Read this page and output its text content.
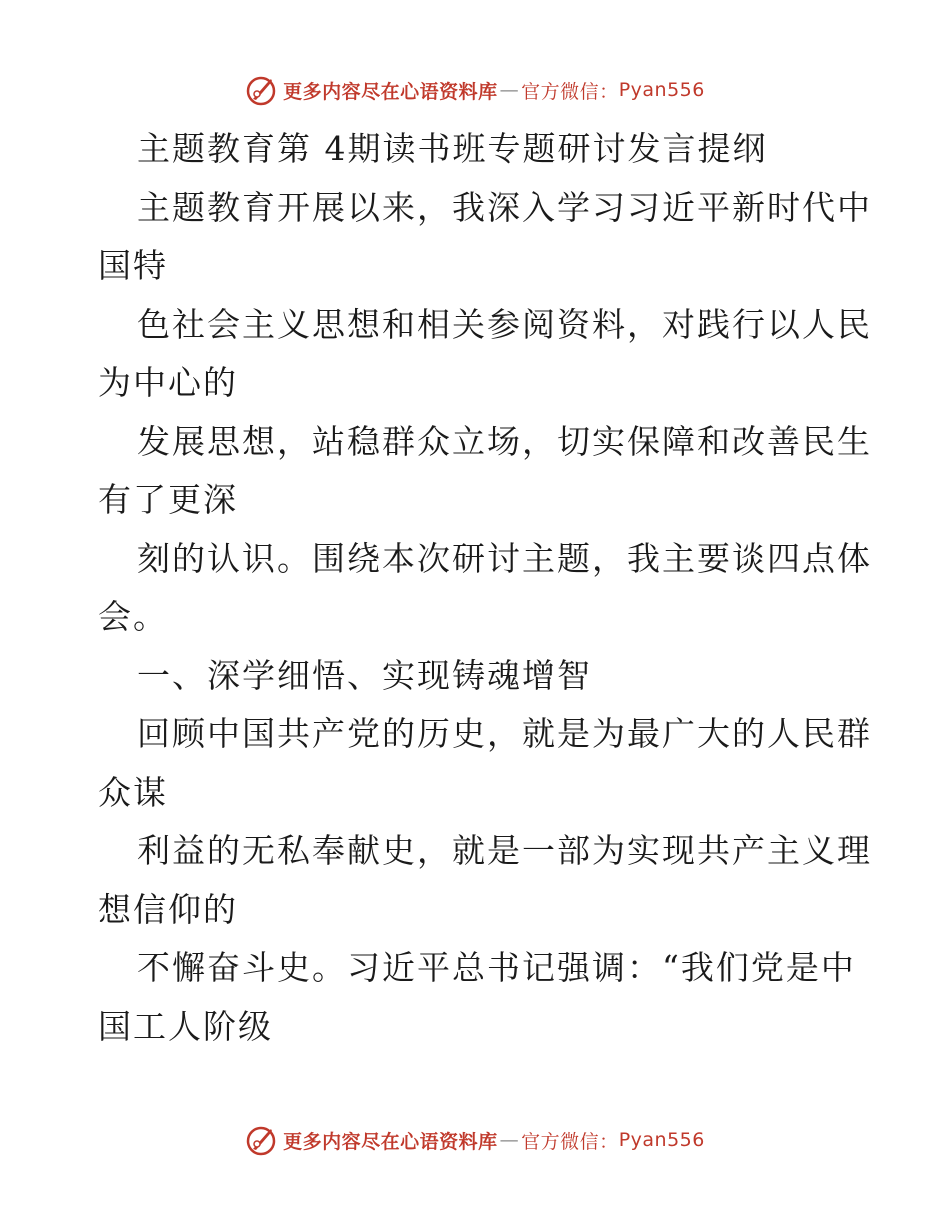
更多内容尽在心语资料库 — 官方微信： Pyan556
主题教育第 4期读书班专题研讨发言提纲
主题教育开展以来，我深入学习习近平新时代中
国特
色社会主义思想和相关参阅资料，对践行以人民
为中心的
发展思想，站稳群众立场，切实保障和改善民生
有了更深
刻的认识。围绕本次研讨主题，我主要谈四点体
会。
一、深学细悟、实现铸魂增智
回顾中国共产党的历史，就是为最广大的人民群
众谋
利益的无私奉献史，就是一部为实现共产主义理
想信仰的
不懈奋斗史。习近平总书记强调：“我们党是中
国工人阶级
更多内容尽在心语资料库 — 官方微信： Pyan556
